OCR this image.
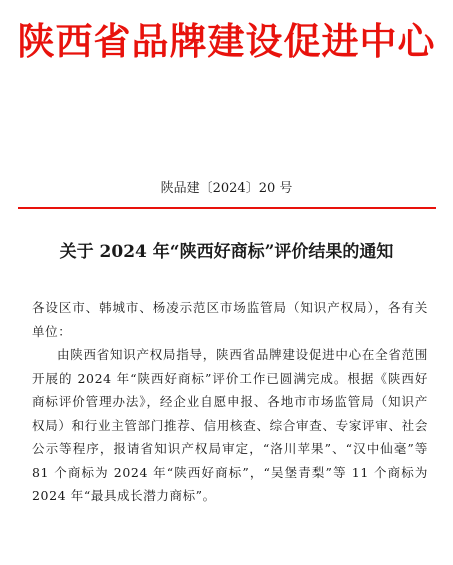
陕西省品牌建设促进中心
陕品建〔2024〕20 号
关于 2024 年“陕西好商标”评价结果的通知

各设区市、韩城市、杨凌示范区市场监管局（知识产权局），各有关单位：

由陕西省知识产权局指导，陕西省品牌建设促进中心在全省范围开展的 2024 年“陕西好商标”评价工作已圆满完成。根据《陕西好商标评价管理办法》，经企业自愿申报、各地市市场监管局（知识产权局）和行业主管部门推荐、信用核查、综合审查、专家评审、社会公示等程序，报请省知识产权局审定，“洛川苹果”、“汉中仙毫”等 81 个商标为 2024 年“陕西好商标”，“吴堡青梨”等 11 个商标为 2024 年“最具成长潜力商标”。
